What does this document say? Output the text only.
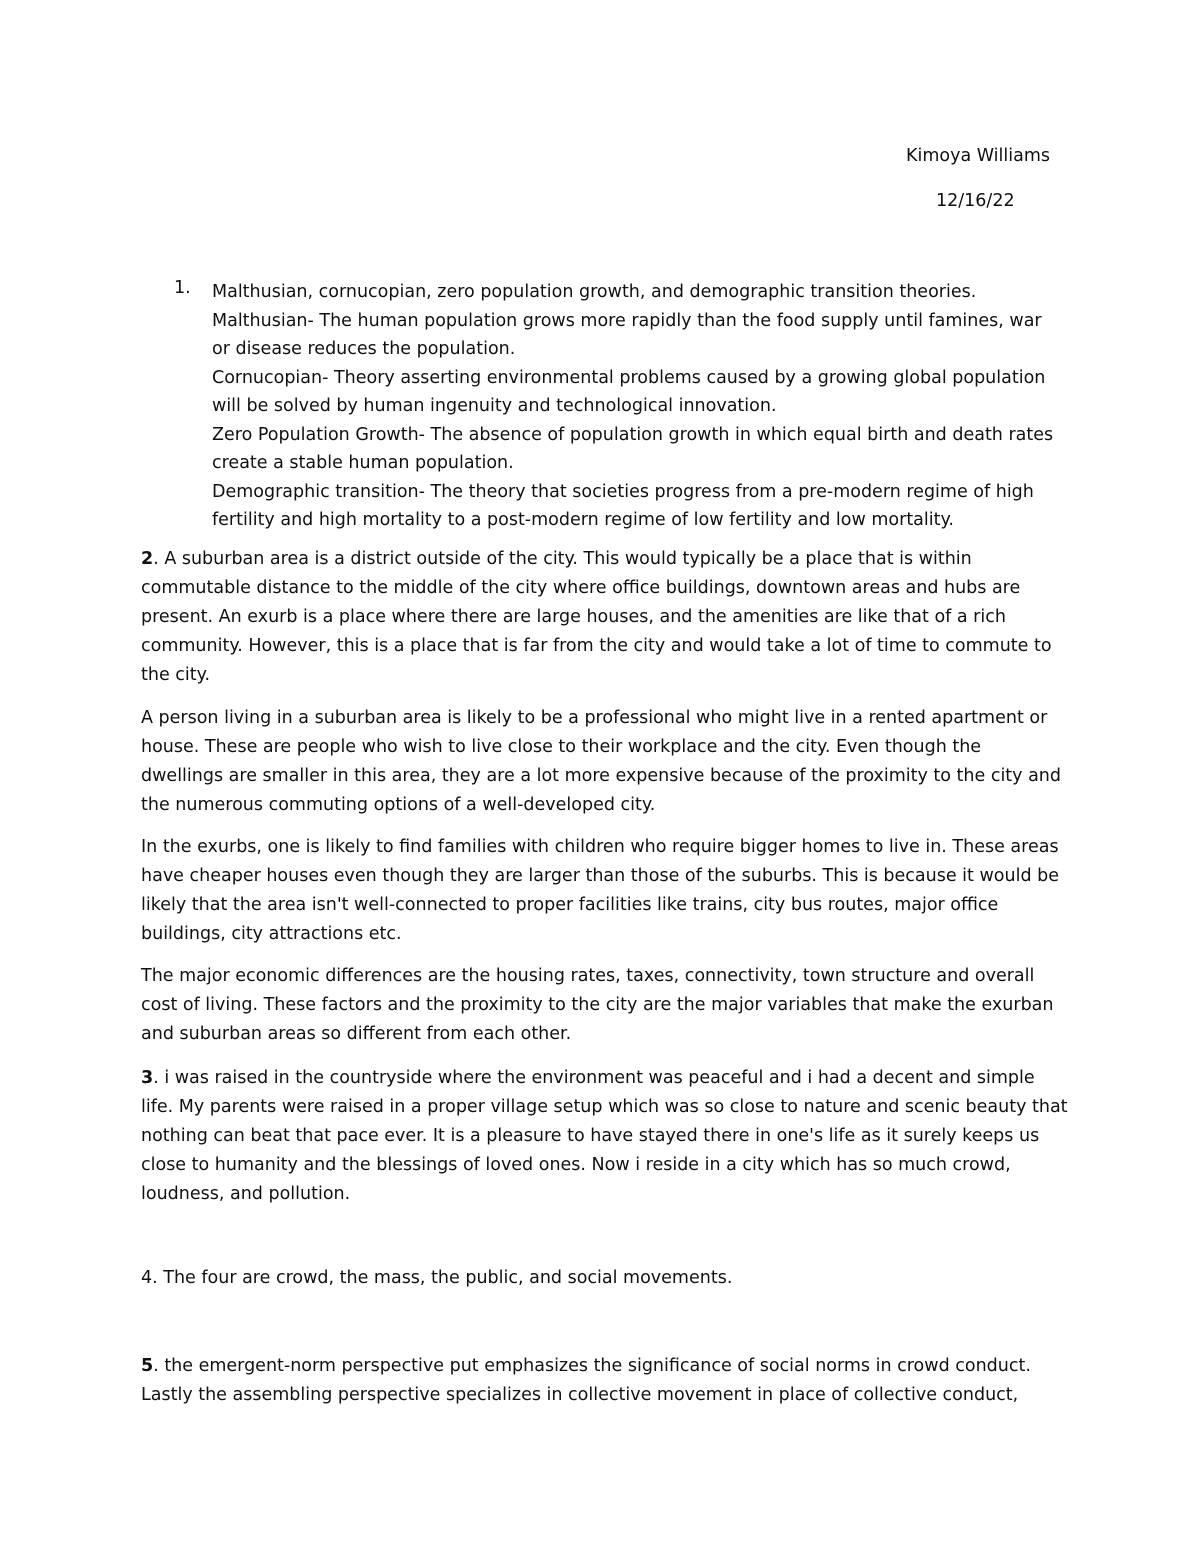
Kimoya Williams
12/16/22
1. Malthusian, cornucopian, zero population growth, and demographic transition theories.
Malthusian- The human population grows more rapidly than the food supply until famines, war
or disease reduces the population.
Cornucopian- Theory asserting environmental problems caused by a growing global population
will be solved by human ingenuity and technological innovation.
Zero Population Growth- The absence of population growth in which equal birth and death rates
create a stable human population.
Demographic transition- The theory that societies progress from a pre-modern regime of high
fertility and high mortality to a post-modern regime of low fertility and low mortality.
2. A suburban area is a district outside of the city. This would typically be a place that is within
commutable distance to the middle of the city where office buildings, downtown areas and hubs are
present. An exurb is a place where there are large houses, and the amenities are like that of a rich
community. However, this is a place that is far from the city and would take a lot of time to commute to
the city.
A person living in a suburban area is likely to be a professional who might live in a rented apartment or
house. These are people who wish to live close to their workplace and the city. Even though the
dwellings are smaller in this area, they are a lot more expensive because of the proximity to the city and
the numerous commuting options of a well-developed city.
In the exurbs, one is likely to find families with children who require bigger homes to live in. These areas
have cheaper houses even though they are larger than those of the suburbs. This is because it would be
likely that the area isn't well-connected to proper facilities like trains, city bus routes, major office
buildings, city attractions etc.
The major economic differences are the housing rates, taxes, connectivity, town structure and overall
cost of living. These factors and the proximity to the city are the major variables that make the exurban
and suburban areas so different from each other.
3. i was raised in the countryside where the environment was peaceful and i had a decent and simple
life. My parents were raised in a proper village setup which was so close to nature and scenic beauty that
nothing can beat that pace ever. It is a pleasure to have stayed there in one's life as it surely keeps us
close to humanity and the blessings of loved ones. Now i reside in a city which has so much crowd,
loudness, and pollution.
4. The four are crowd, the mass, the public, and social movements.
5. the emergent-norm perspective put emphasizes the significance of social norms in crowd conduct.
Lastly the assembling perspective specializes in collective movement in place of collective conduct,
